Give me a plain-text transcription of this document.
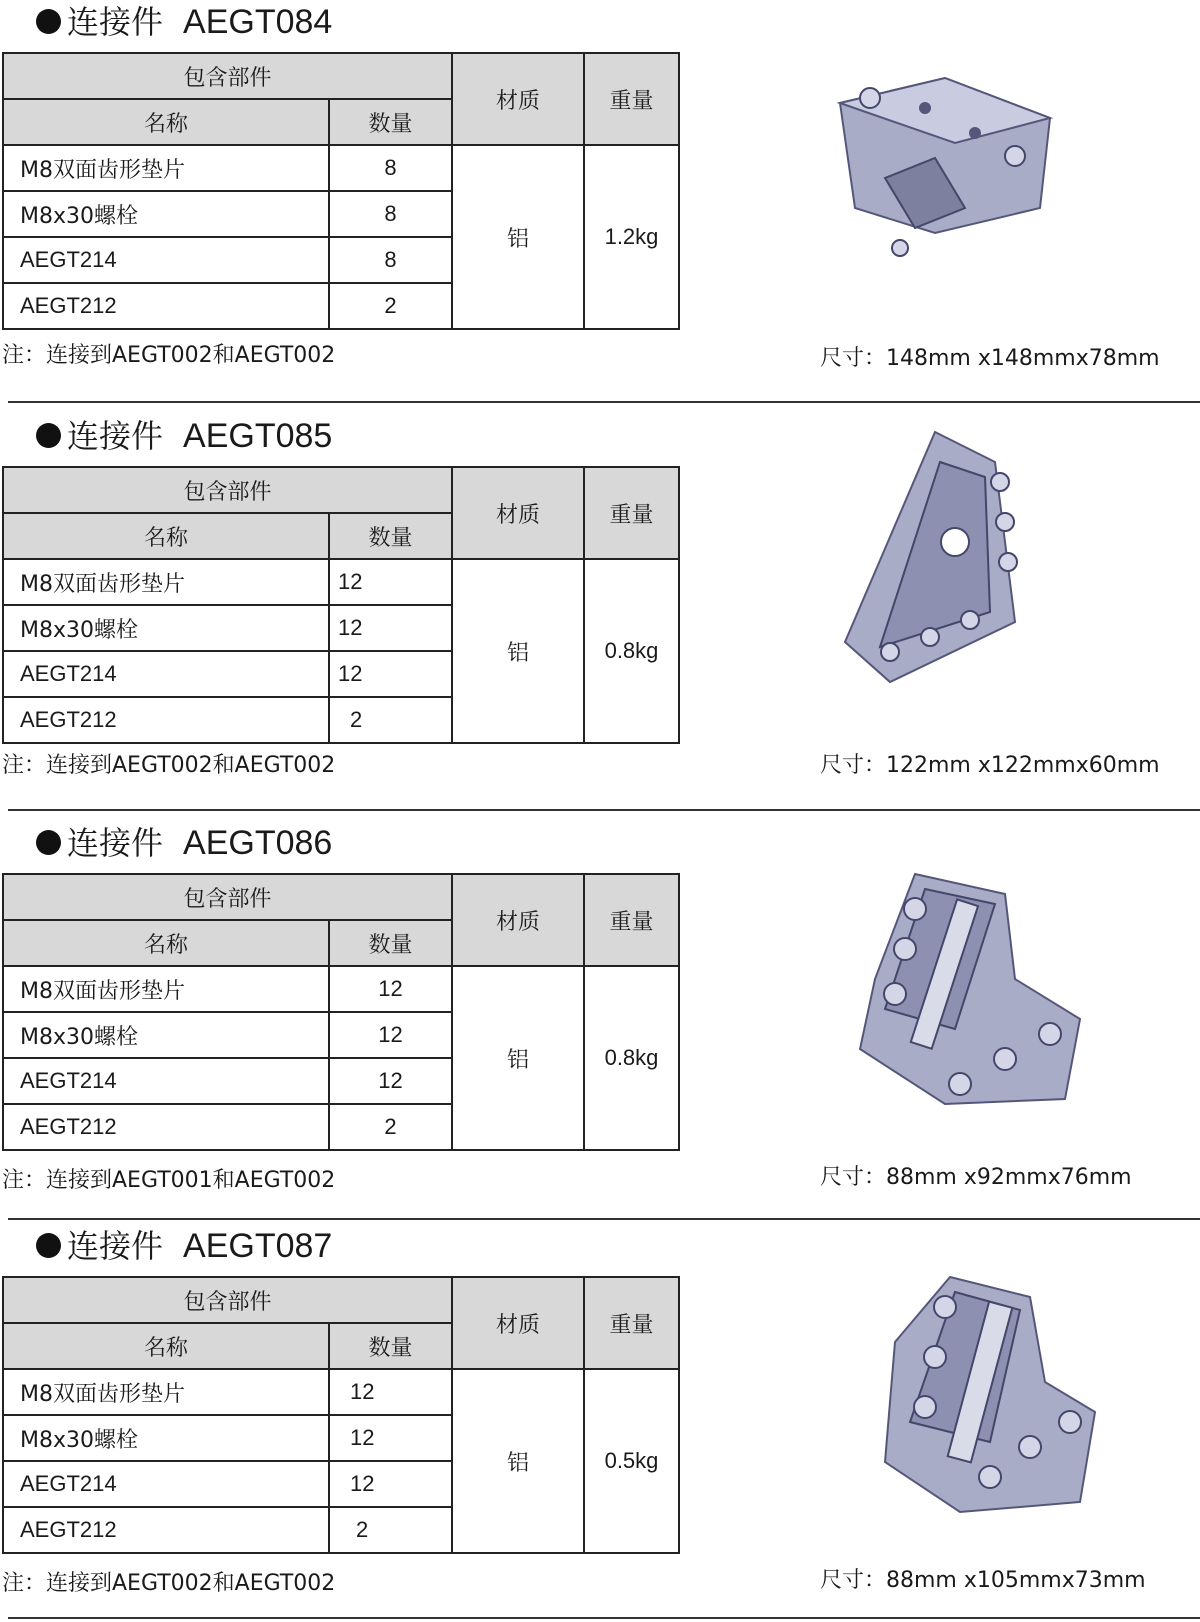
连接件 AEGT084
包含部件		材质	重量
名称	数量		
M8双面齿形垫片	8	铝	1.2kg
M8x30螺栓	8		
AEGT214	8		
AEGT212	2		
注：连接到AEGT002和AEGT002	尺寸：148mm x148mmx78mm
连接件 AEGT085
包含部件		材质	重量
名称	数量		
M8双面齿形垫片	12	铝	0.8kg
M8x30螺栓	12		
AEGT214	12		
AEGT212	2		
注：连接到AEGT002和AEGT002	尺寸：122mm x122mmx60mm
连接件 AEGT086
包含部件		材质	重量
名称	数量		
M8双面齿形垫片	12	铝	0.8kg
M8x30螺栓	12		
AEGT214	12		
AEGT212	2		
注：连接到AEGT001和AEGT002	尺寸：88mm x92mmx76mm
连接件 AEGT087
包含部件		材质	重量
名称	数量		
M8双面齿形垫片	12	铝	0.5kg
M8x30螺栓	12		
AEGT214	12		
AEGT212	2		
注：连接到AEGT002和AEGT002	尺寸：88mm x105mmx73mm
